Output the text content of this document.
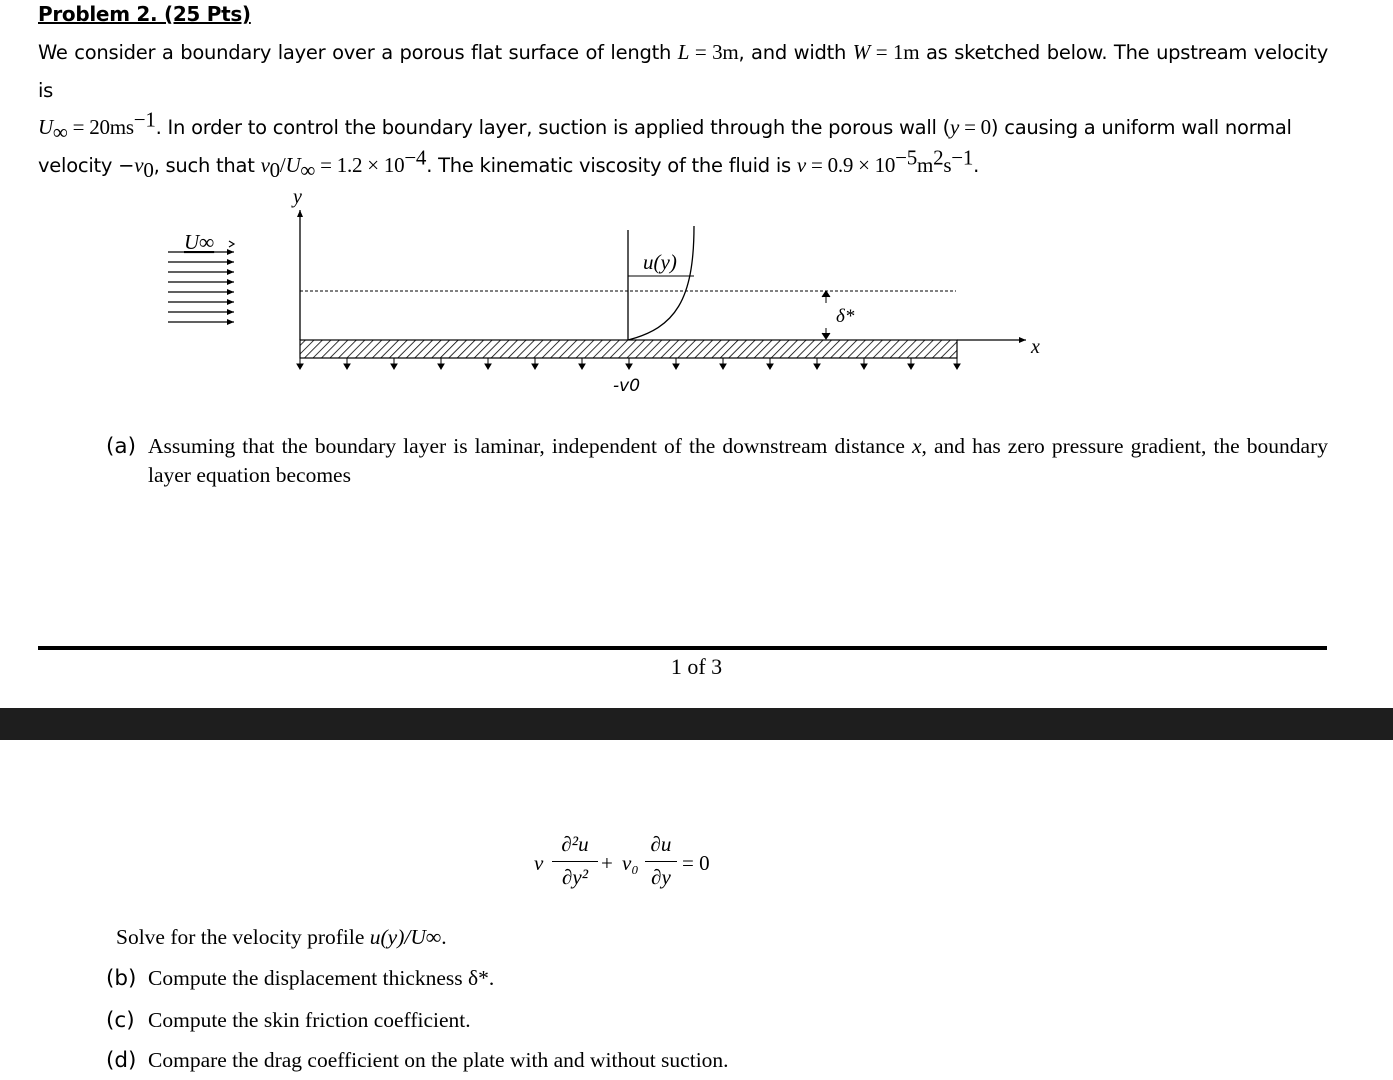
Problem 2. (25 Pts)

We consider a boundary layer over a porous flat surface of length L = 3m, and width W = 1m as sketched below. The upstream velocity is

$U_\infty = 20ms^{-1}$. In order to control the boundary layer, suction is applied through the porous wall (y = 0) causing a uniform wall normal

velocity $-v_0$, such that $v_0/U_\infty = 1.2 \times 10^{-4}$. The kinematic viscosity of the fluid is $\nu = 0.9 \times 10^{-5}m^2s^{-1}$.

U∞
y
u(y)
δ*
x
-v0
(a) Assuming that the boundary layer is laminar, independent of the downstream distance x, and has zero pressure gradient, the boundary layer equation becomes
1 of 3
ν
∂²u
∂y²
+ v₀
∂u
∂y
= 0
Solve for the velocity profile u(y)/U∞.
(b) Compute the displacement thickness δ*.
(c) Compute the skin friction coefficient.
(d) Compare the drag coefficient on the plate with and without suction.
